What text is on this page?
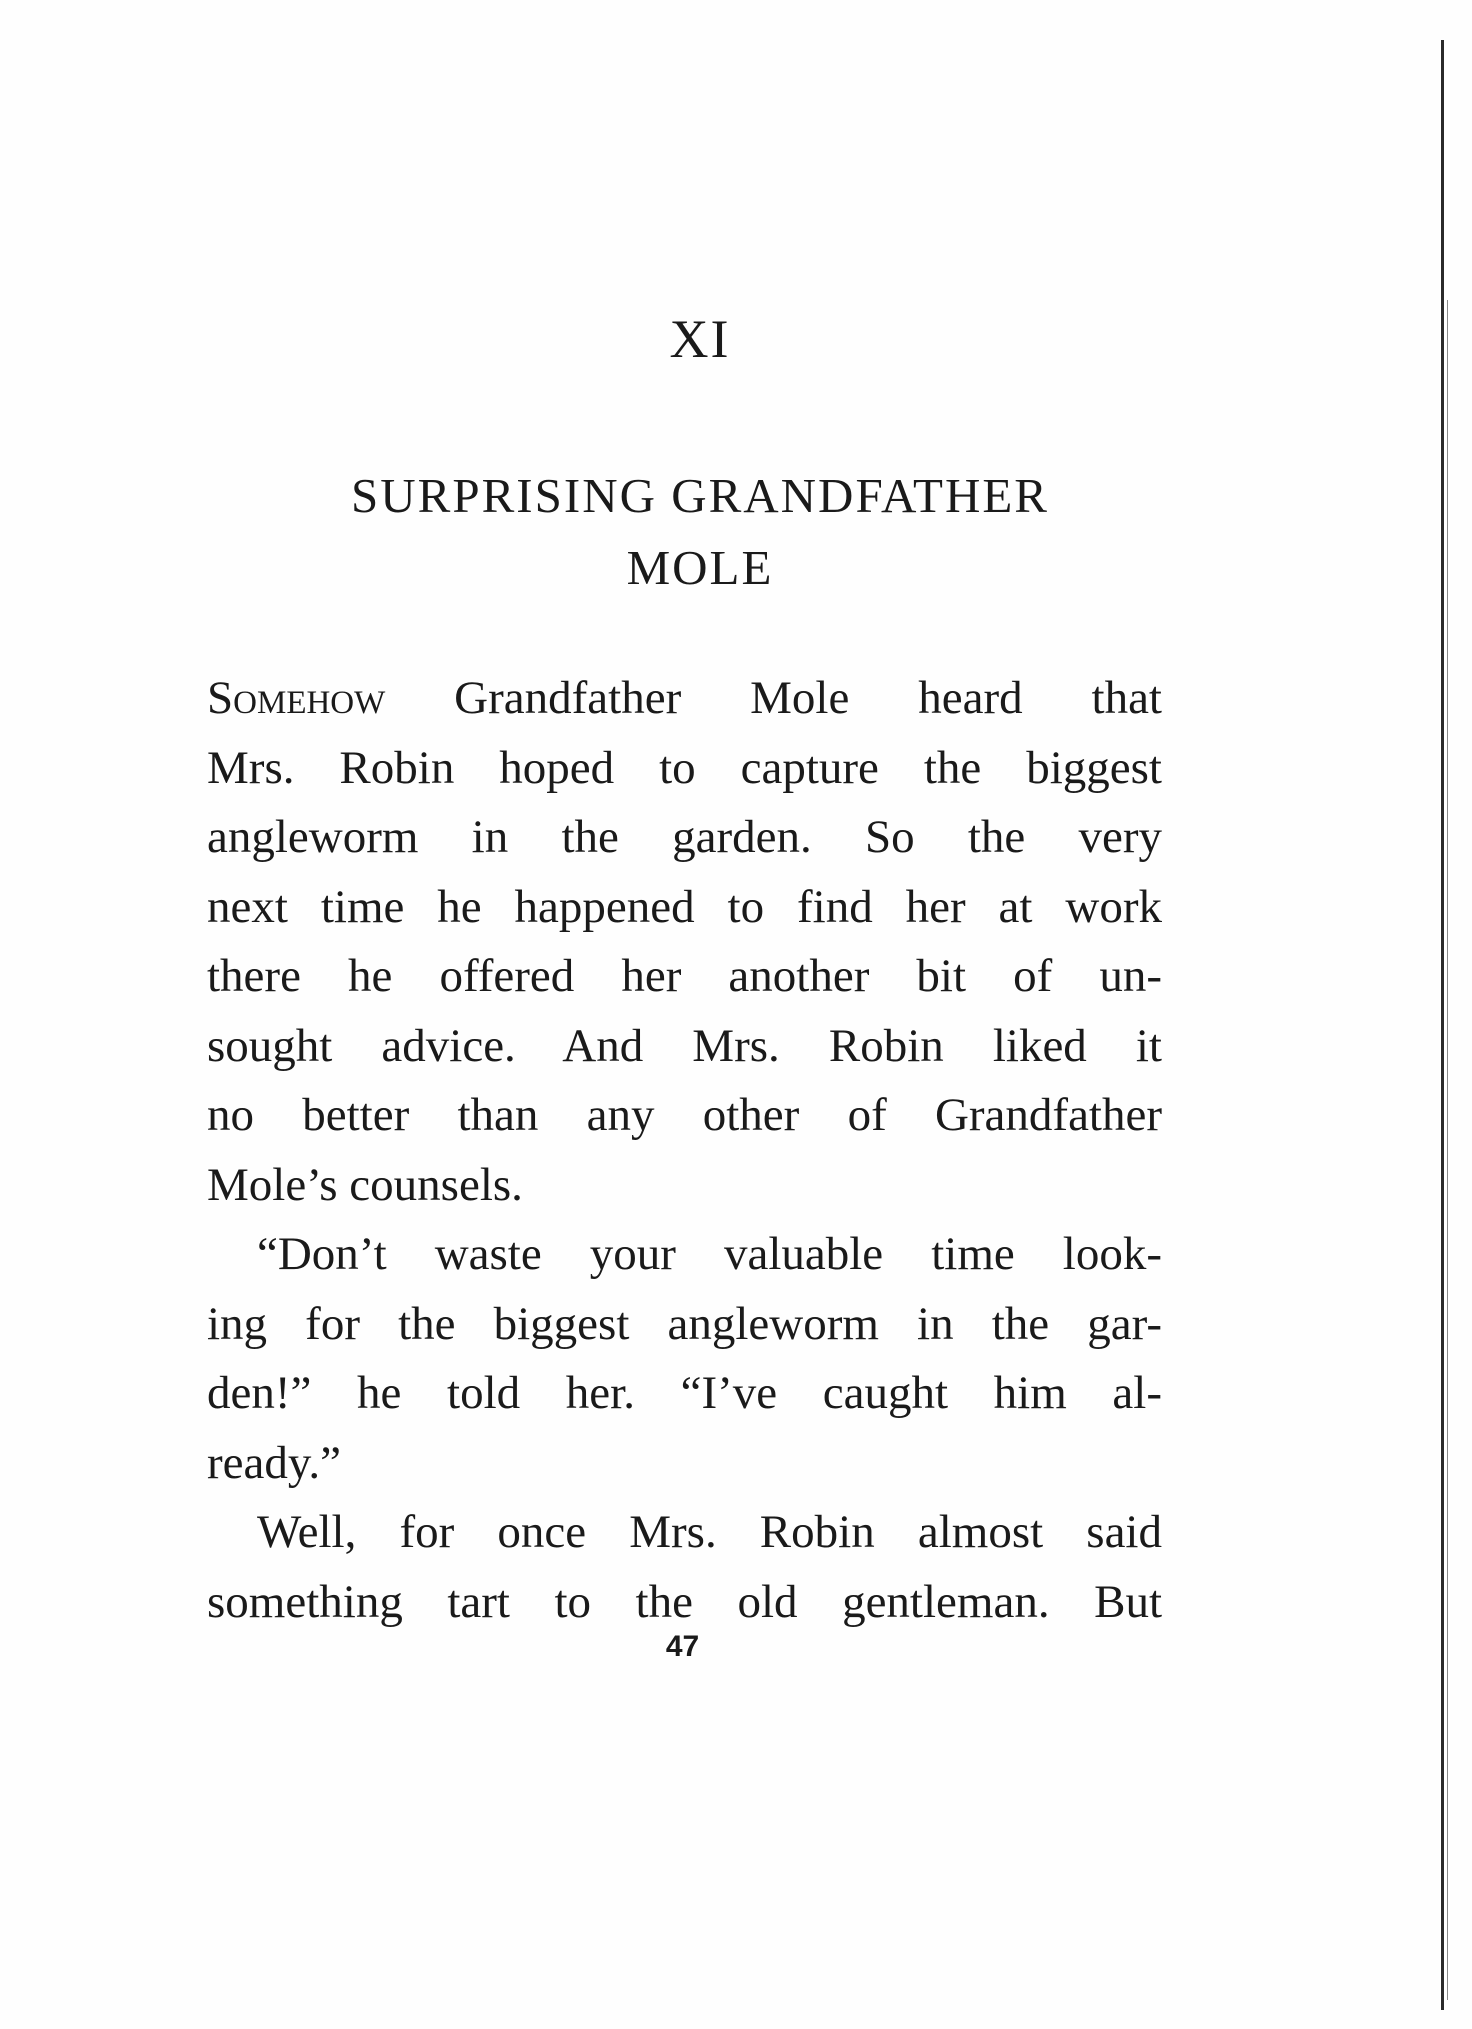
XI
SURPRISING GRANDFATHER
MOLE
Somehow Grandfather Mole heard that
Mrs. Robin hoped to capture the biggest
angleworm in the garden. So the very
next time he happened to find her at work
there he offered her another bit of un-
sought advice. And Mrs. Robin liked it
no better than any other of Grandfather
Mole’s counsels.
“Don’t waste your valuable time look-
ing for the biggest angleworm in the gar-
den!” he told her. “I’ve caught him al-
ready.”
Well, for once Mrs. Robin almost said
something tart to the old gentleman. But
47
